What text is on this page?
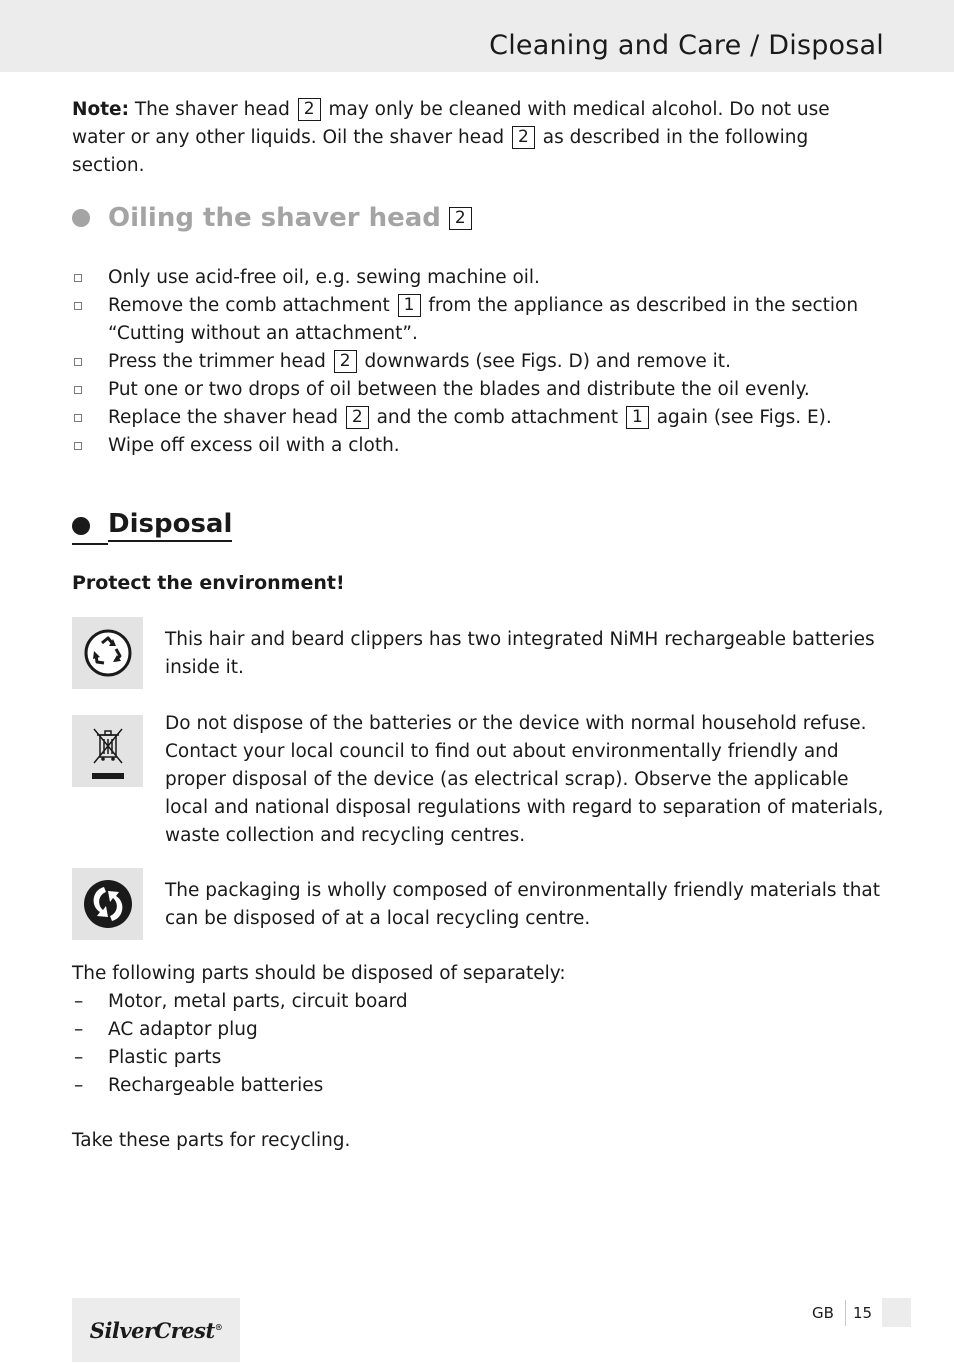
Cleaning and Care / Disposal
Note: The shaver head 2 may only be cleaned with medical alcohol. Do not use water or any other liquids. Oil the shaver head 2 as described in the following section.
Oiling the shaver head 2
Only use acid-free oil, e.g. sewing machine oil.
Remove the comb attachment 1 from the appliance as described in the section “Cutting without an attachment”.
Press the trimmer head 2 downwards (see Figs. D) and remove it.
Put one or two drops of oil between the blades and distribute the oil evenly.
Replace the shaver head 2 and the comb attachment 1 again (see Figs. E).
Wipe off excess oil with a cloth.
Disposal
Protect the environment!
This hair and beard clippers has two integrated NiMH rechargeable batteries inside it.
Do not dispose of the batteries or the device with normal household refuse. Contact your local council to find out about environmentally friendly and proper disposal of the device (as electrical scrap). Observe the applicable local and national disposal regulations with regard to separation of materials, waste collection and recycling centres.
The packaging is wholly composed of environmentally friendly materials that can be disposed of at a local recycling centre.
The following parts should be disposed of separately:
– Motor, metal parts, circuit board
– AC adaptor plug
– Plastic parts
– Rechargeable batteries
Take these parts for recycling.
SilverCrest®
GB 15
